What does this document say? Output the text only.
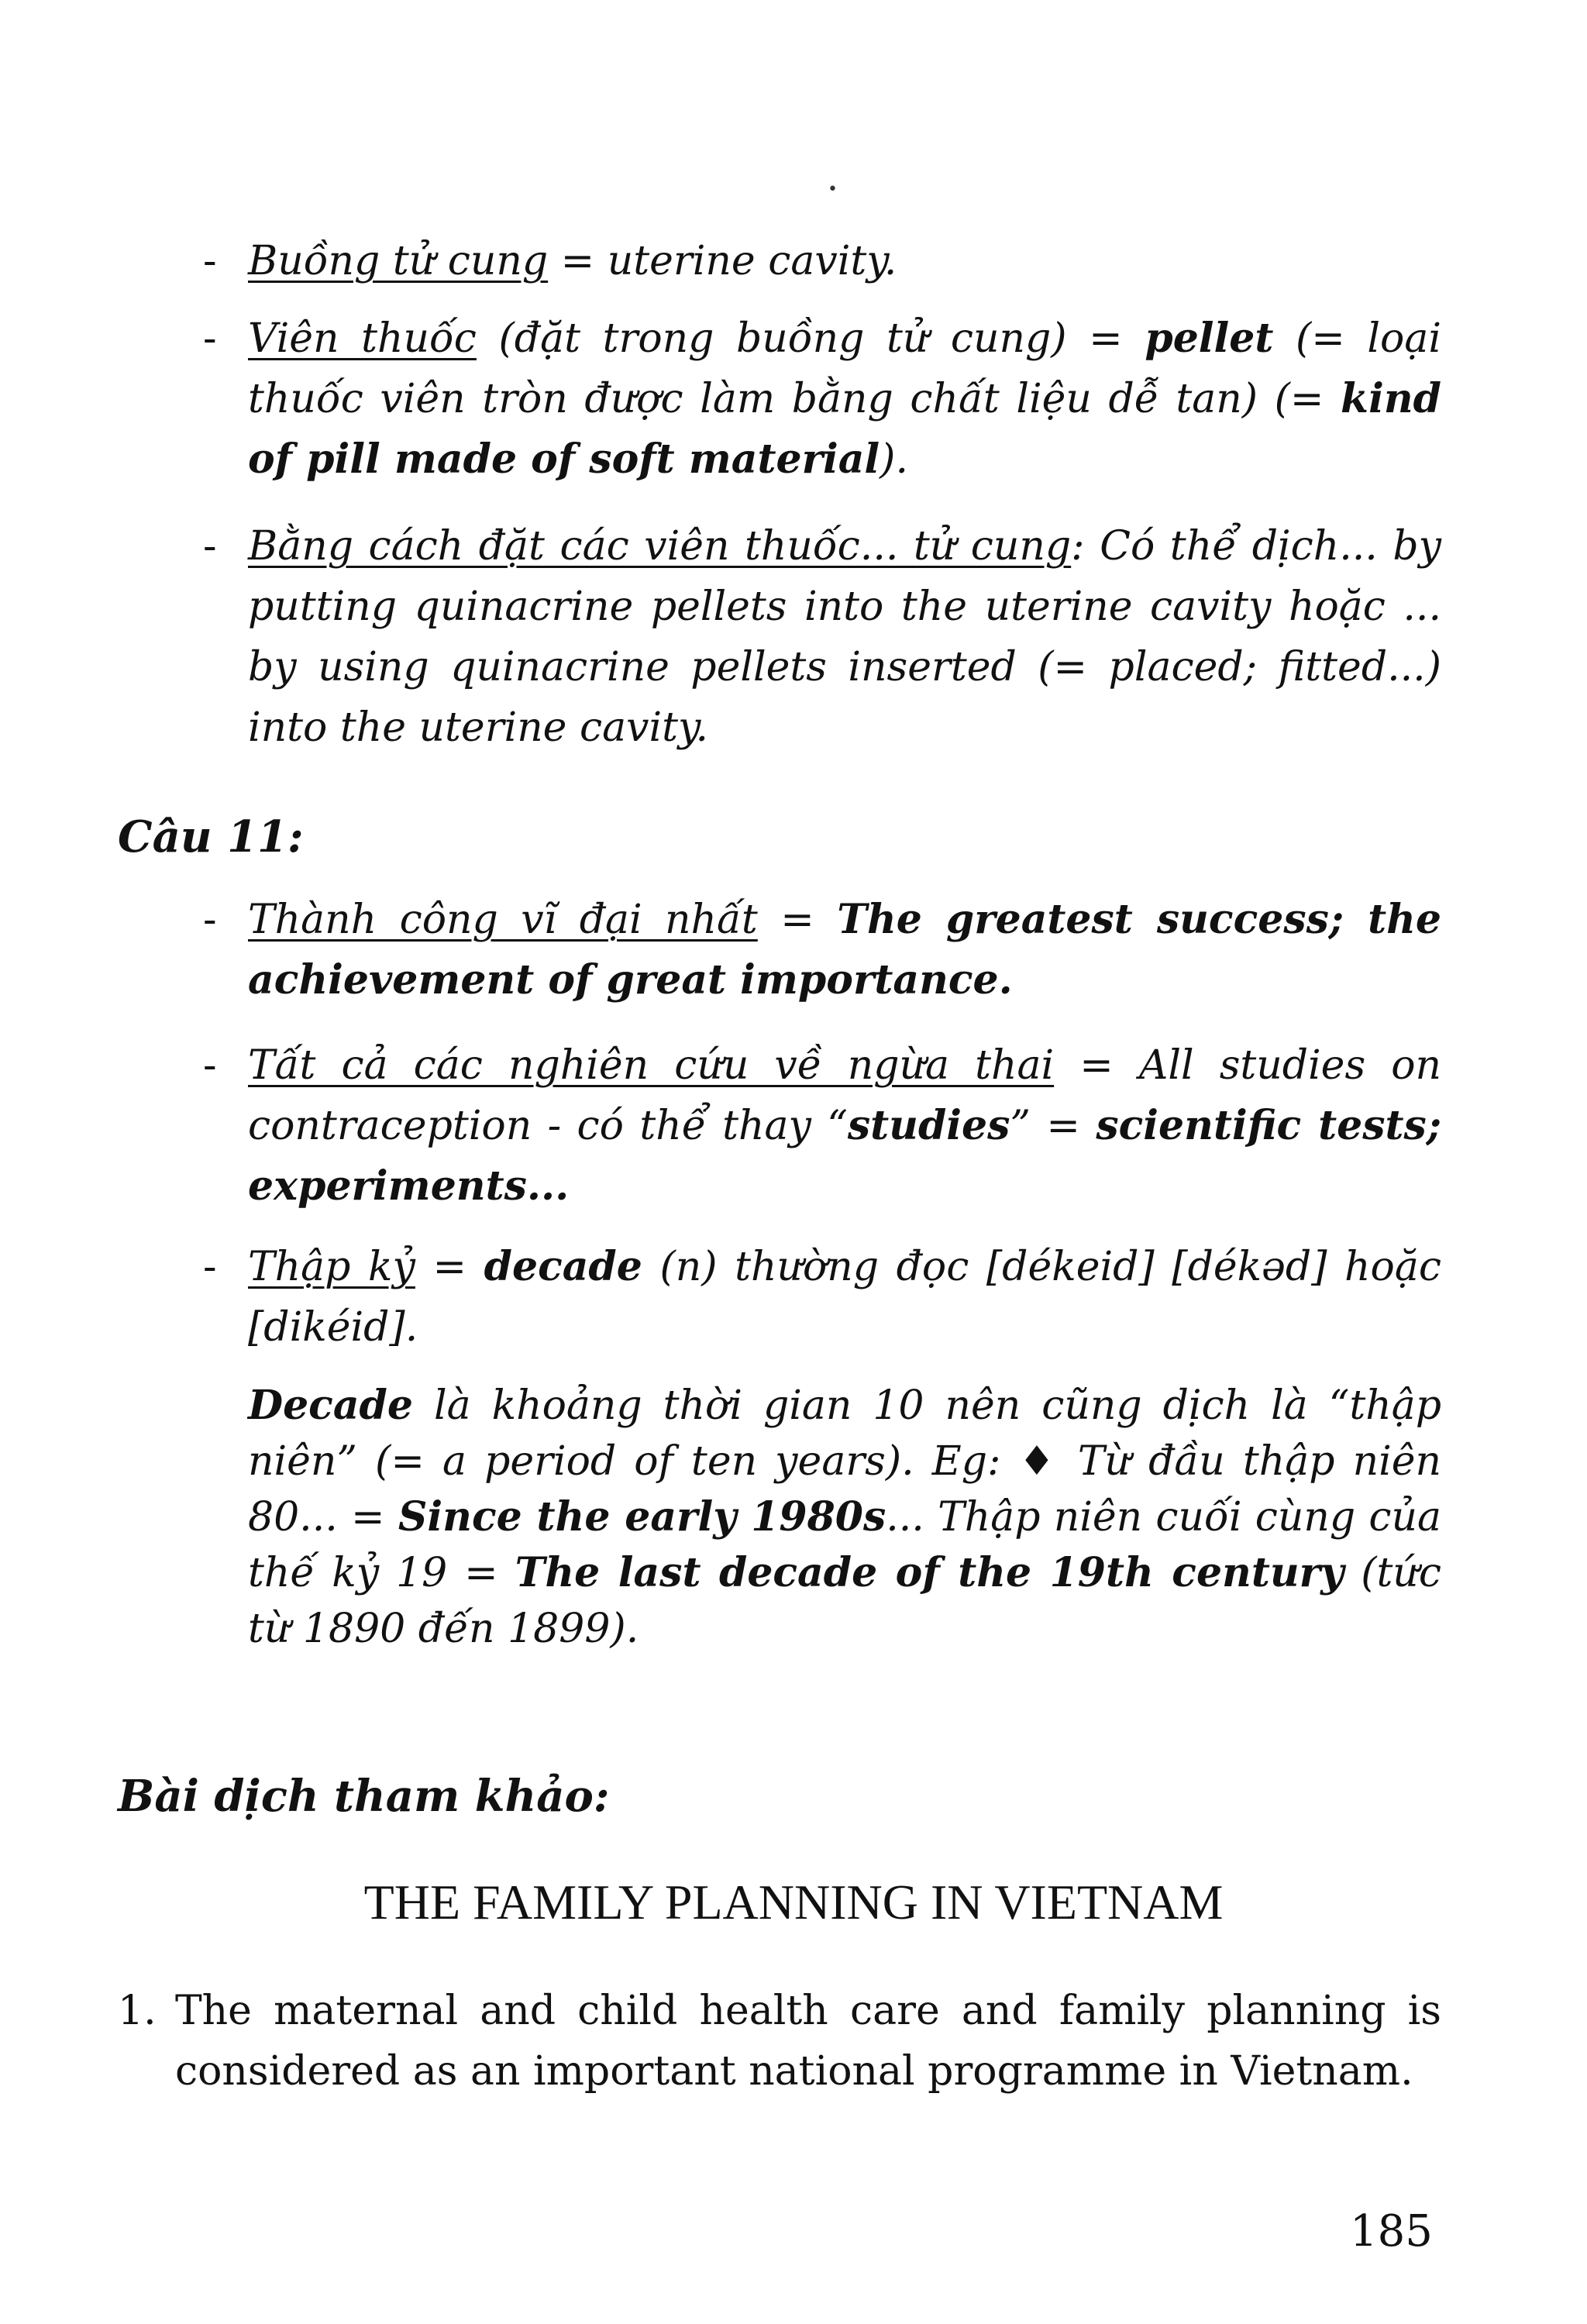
•
- Buồng tử cung = uterine cavity.
- Viên thuốc (đặt trong buồng tử cung) = pellet (= loại thuốc viên tròn được làm bằng chất liệu dễ tan) (= kind of pill made of soft material).
- Bằng cách đặt các viên thuốc... tử cung: Có thể dịch... by putting quinacrine pellets into the uterine cavity hoặc ... by using quinacrine pellets inserted (= placed; fitted...) into the uterine cavity.
Câu 11:
- Thành công vĩ đại nhất = The greatest success; the achievement of great importance.
- Tất cả các nghiên cứu về ngừa thai = All studies on contraception - có thể thay “studies” = scientific tests; experiments...
- Thập kỷ = decade (n) thường đọc [dékeid] [dékəd] hoặc [dikéid].
Decade là khoảng thời gian 10 nên cũng dịch là “thập niên” (= a period of ten years). Eg: ♦ Từ đầu thập niên 80... = Since the early 1980s... Thập niên cuối cùng của thế kỷ 19 = The last decade of the 19th century (tức từ 1890 đến 1899).
Bài dịch tham khảo:
THE FAMILY PLANNING IN VIETNAM
1. The maternal and child health care and family planning is considered as an important national programme in Vietnam.
185
